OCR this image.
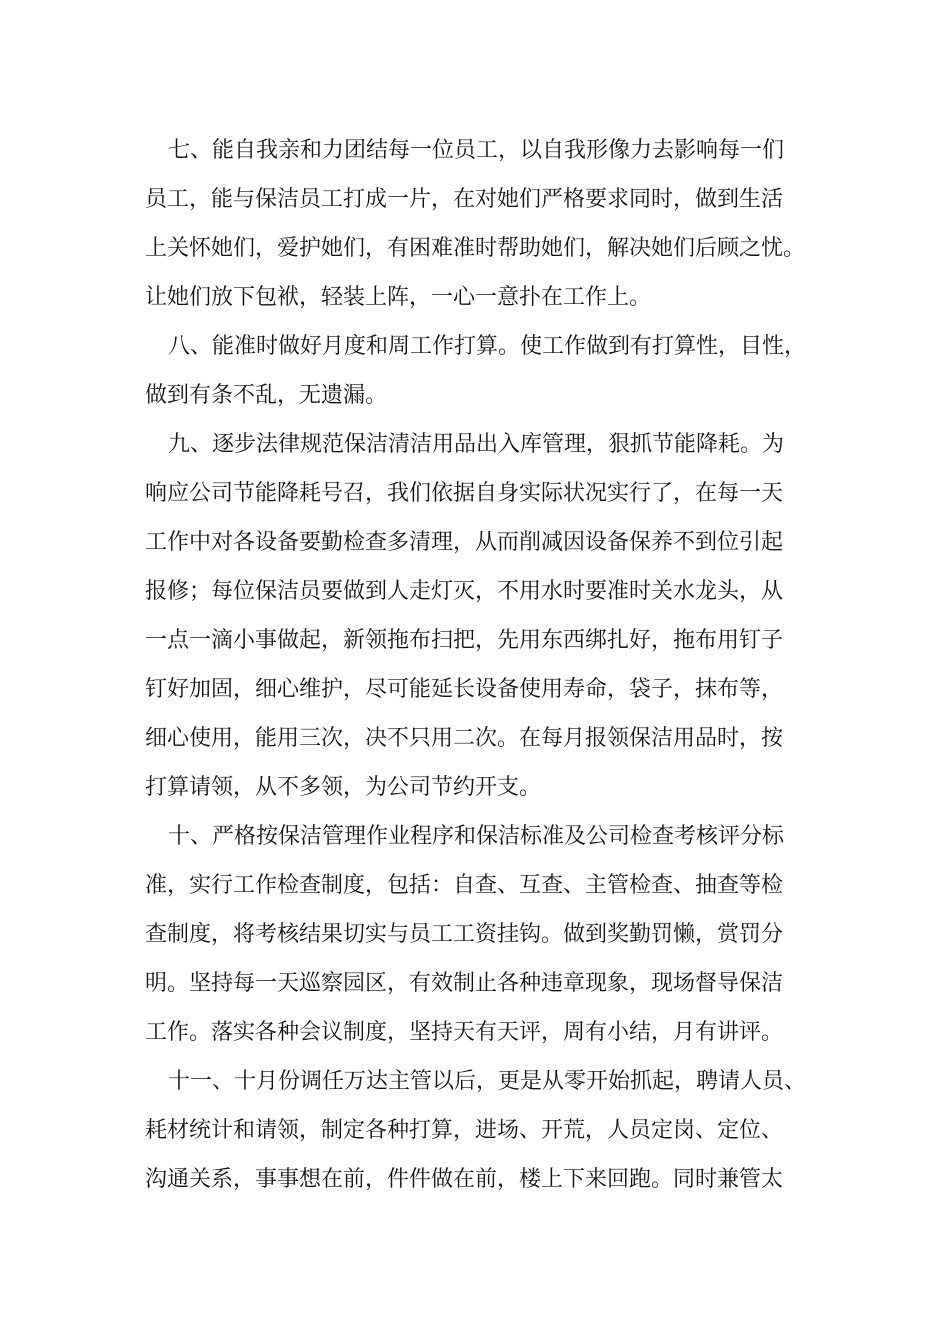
七、能自我亲和力团结每一位员工，以自我形像力去影响每一们
员工，能与保洁员工打成一片，在对她们严格要求同时，做到生活
上关怀她们，爱护她们，有困难准时帮助她们，解决她们后顾之忧。
让她们放下包袱，轻装上阵，一心一意扑在工作上。
八、能准时做好月度和周工作打算。使工作做到有打算性，目性，
做到有条不乱，无遗漏。
九、逐步法律规范保洁清洁用品出入库管理，狠抓节能降耗。为
响应公司节能降耗号召，我们依据自身实际状况实行了，在每一天
工作中对各设备要勤检查多清理，从而削减因设备保养不到位引起
报修；每位保洁员要做到人走灯灭，不用水时要准时关水龙头，从
一点一滴小事做起，新领拖布扫把，先用东西绑扎好，拖布用钉子
钉好加固，细心维护，尽可能延长设备使用寿命，袋子，抹布等，
细心使用，能用三次，决不只用二次。在每月报领保洁用品时，按
打算请领，从不多领，为公司节约开支。
十、严格按保洁管理作业程序和保洁标准及公司检查考核评分标
准，实行工作检查制度，包括：自查、互查、主管检查、抽查等检
查制度，将考核结果切实与员工工资挂钩。做到奖勤罚懒，赏罚分
明。坚持每一天巡察园区，有效制止各种违章现象，现场督导保洁
工作。落实各种会议制度，坚持天有天评，周有小结，月有讲评。
十一、十月份调任万达主管以后，更是从零开始抓起，聘请人员、
耗材统计和请领，制定各种打算，进场、开荒，人员定岗、定位、
沟通关系，事事想在前，件件做在前，楼上下来回跑。同时兼管太
